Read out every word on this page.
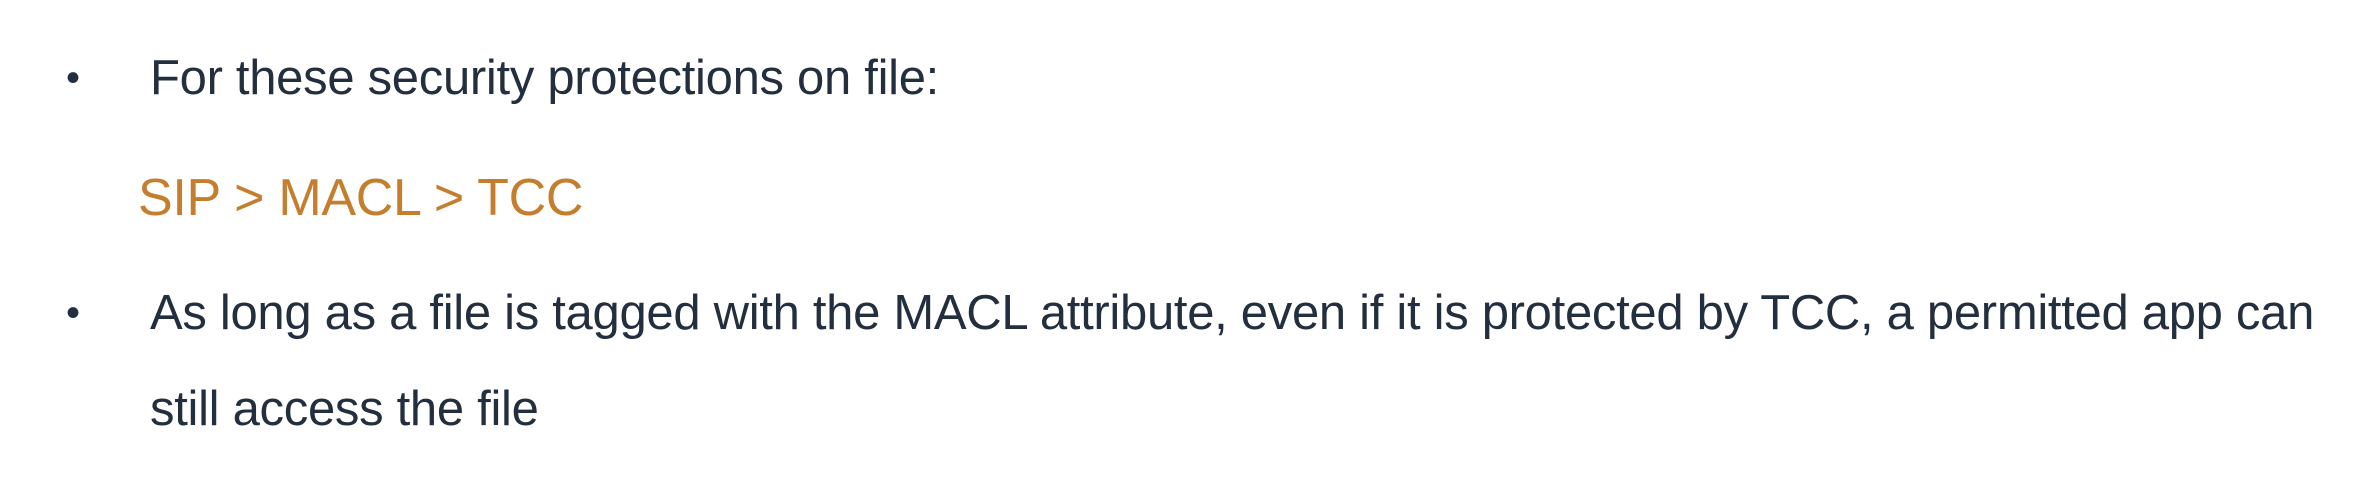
• For these security protections on file:
SIP > MACL > TCC
• As long as a file is tagged with the MACL attribute, even if it is protected by TCC, a permitted app can still access the file
